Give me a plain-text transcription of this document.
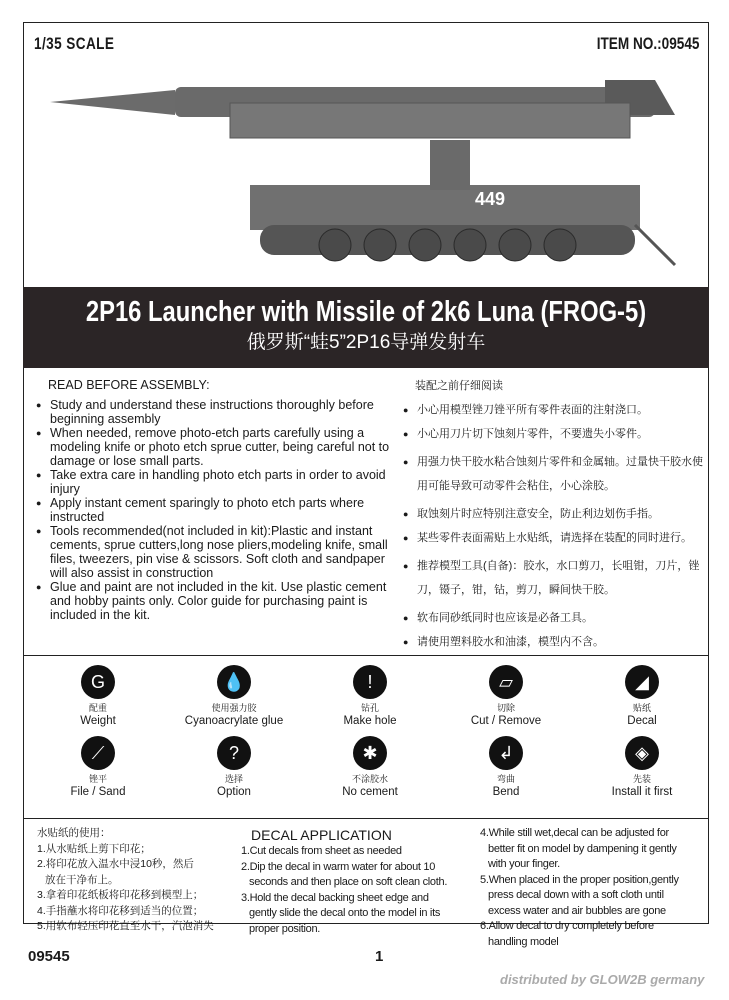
1/35 SCALE	ITEM NO.:09545
449
2P16 Launcher with Missile of 2k6 Luna (FROG-5)
俄罗斯“蛙5”2P16导弹发射车
READ BEFORE ASSEMBLY:
● Study and understand these instructions thoroughly before beginning assembly
● When needed, remove photo-etch parts carefully using a modeling knife or photo etch sprue cutter, being careful not to damage or lose small parts.
● Take extra care in handling photo etch parts in order to avoid injury
● Apply instant cement sparingly to photo etch parts where instructed
● Tools recommended(not included in kit):Plastic and instant cements, sprue cutters,long nose pliers,modeling knife, small files, tweezers, pin vise & scissors. Soft cloth and sandpaper will also assist in construction
● Glue and paint are not included in the kit. Use plastic cement and hobby paints only. Color guide for purchasing paint is included in the kit.
装配之前仔细阅读
● 小心用模型锉刀锉平所有零件表面的注射浇口。
● 小心用刀片切下蚀刻片零件，不要遗失小零件。
● 用强力快干胶水粘合蚀刻片零件和金属轴。过量快干胶水使用可能导致可动零件会粘住，小心涂胶。
● 取蚀刻片时应特别注意安全，防止利边划伤手指。
● 某些零件表面需贴上水贴纸，请选择在装配的同时进行。
● 推荐模型工具(自备)：胶水，水口剪刀，长咀钳，刀片，锉刀，镊子，钳，钻，剪刀，瞬间快干胶。
● 软布同砂纸同时也应该是必备工具。
● 请使用塑料胶水和油漆，模型内不含。
G
配重
Weight
💧
使用强力胶
Cyanoacrylate glue
!
钻孔
Make hole
▱
切除
Cut / Remove
◢
贴纸
Decal
⟋
锉平
File / Sand
?
选择
Option
✱
不涂胶水
No cement
↲
弯曲
Bend
◈
先装
Install it first
水贴纸的使用：
1.从水贴纸上剪下印花；
2.将印花放入温水中浸10秒，然后
放在干净布上。
3.拿着印花纸板将印花移到模型上；
4.手指蘸水将印花移到适当的位置；
5.用软布轻压印花直至水干，汽泡消失
DECAL APPLICATION
1.Cut decals from sheet as needed
2.Dip the decal in warm water for about 10
seconds and then place on soft clean cloth.
3.Hold the decal backing sheet edge and
gently slide the decal onto the model in its
proper position.
4.While still wet,decal can be adjusted for
better fit on model by dampening it gently
with your finger.
5.When placed in the proper position,gently
press decal down with a soft cloth until
excess water and air bubbles are gone
6.Allow decal to dry completely before
handling model
distributed by GLOW2B germany
09545	1
